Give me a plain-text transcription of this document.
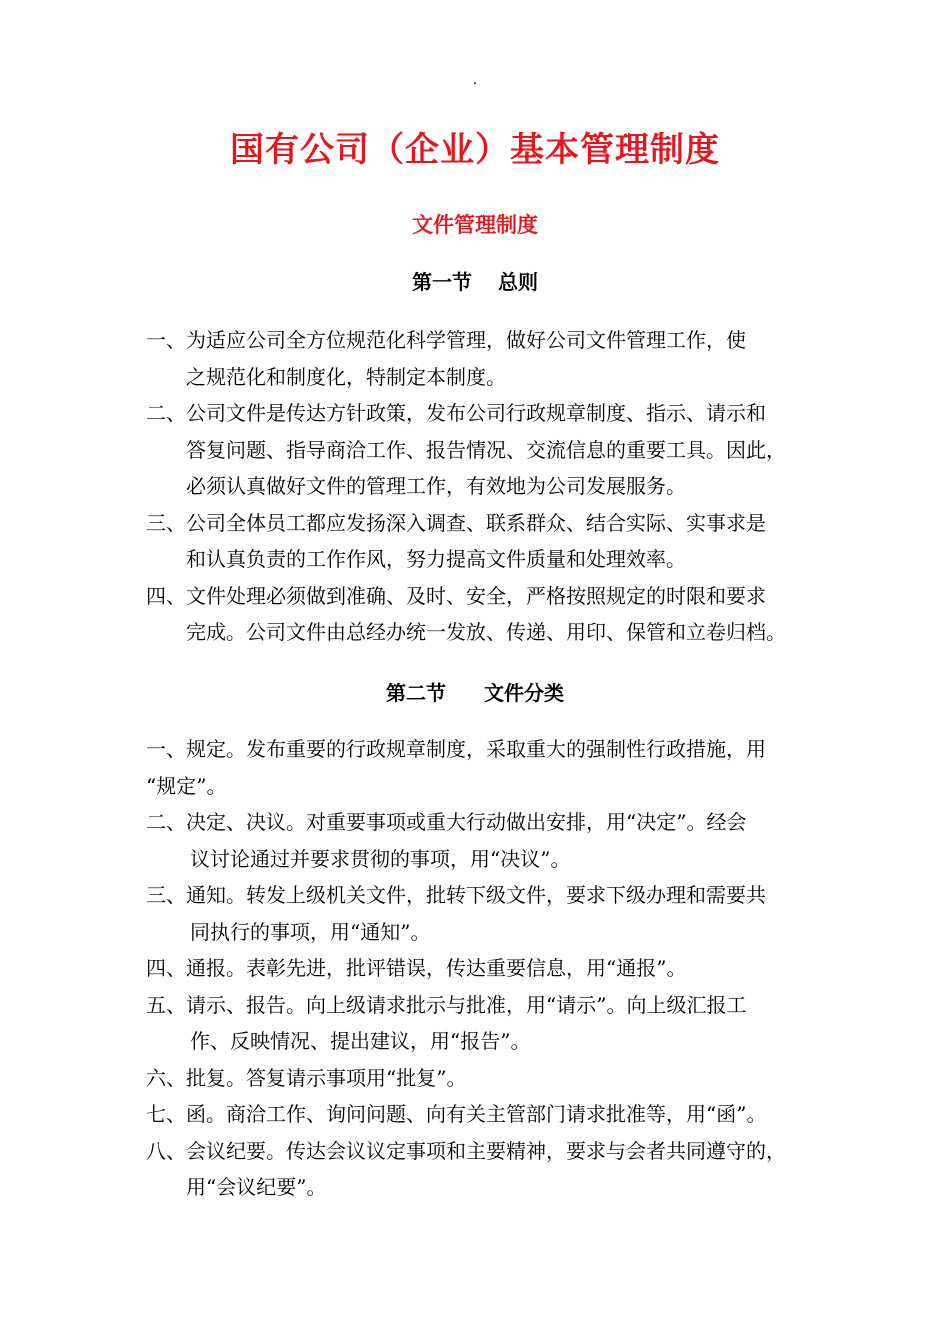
·
国有公司（企业）基本管理制度
文件管理制度
第一节 总则
一、 为适应公司全方位规范化科学管理，做好公司文件管理工作，使
之规范化和制度化，特制定本制度。
二、 公司文件是传达方针政策，发布公司行政规章制度、指示、请示和
答复问题、指导商洽工作、报告情况、交流信息的重要工具。因此，
必须认真做好文件的管理工作，有效地为公司发展服务。
三、 公司全体员工都应发扬深入调查、联系群众、结合实际、实事求是
和认真负责的工作作风，努力提高文件质量和处理效率。
四、 文件处理必须做到准确、及时、安全，严格按照规定的时限和要求
完成。公司文件由总经办统一发放、传递、用印、保管和立卷归档。
第二节 文件分类
一、规定。发布重要的行政规章制度，采取重大的强制性行政措施，用
“规定”。
二、决定、决议。对重要事项或重大行动做出安排，用“决定”。经会
议讨论通过并要求贯彻的事项，用“决议”。
三、通知。转发上级机关文件，批转下级文件，要求下级办理和需要共
同执行的事项，用“通知”。
四、通报。表彰先进，批评错误，传达重要信息，用“通报”。
五、请示、报告。向上级请求批示与批准，用“请示”。向上级汇报工
作、反映情况、提出建议，用“报告”。
六、批复。答复请示事项用“批复”。
七、函。商洽工作、询问问题、向有关主管部门请求批准等，用“函”。
八、会议纪要。传达会议议定事项和主要精神，要求与会者共同遵守的，
用“会议纪要”。
